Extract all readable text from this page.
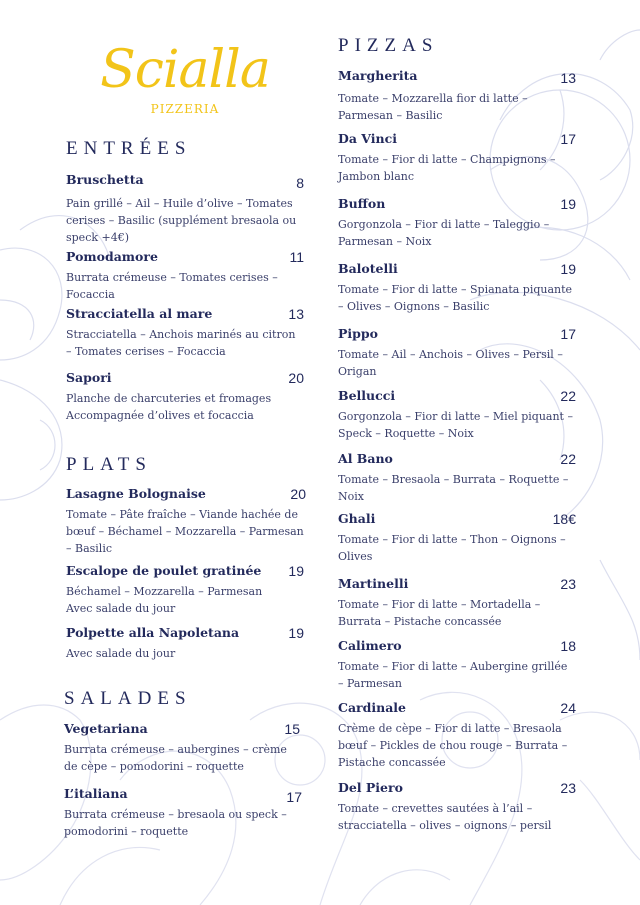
Scialla
PIZZERIA
ENTRÉES
Bruschetta	8
Pain grillé – Ail – Huile d’olive – Tomates cerises – Basilic (supplément bresaola ou speck +4€)
Pomodamore	11
Burrata crémeuse – Tomates cerises – Focaccia
Stracciatella al mare	13
Stracciatella – Anchois marinés au citron – Tomates cerises – Focaccia
Sapori	20
Planche de charcuteries et fromages
Accompagnée d’olives et focaccia
PLATS
Lasagne Bolognaise	20
Tomate – Pâte fraîche – Viande hachée de bœuf – Béchamel – Mozzarella – Parmesan – Basilic
Escalope de poulet gratinée 19
Béchamel – Mozzarella – Parmesan
Avec salade du jour
Polpette alla Napoletana	19
Avec salade du jour
SALADES
Vegetariana	15
Burrata crémeuse – aubergines – crème de cèpe – pomodorini – roquette
L’italiana	17
Burrata crémeuse – bresaola ou speck – pomodorini – roquette
PIZZAS
Margherita	13
Tomate – Mozzarella fior di latte – Parmesan – Basilic
Da Vinci	17
Tomate – Fior di latte – Champignons – Jambon blanc
Buffon	19
Gorgonzola – Fior di latte – Taleggio – Parmesan – Noix
Balotelli	19
Tomate – Fior di latte – Spianata piquante – Olives – Oignons – Basilic
Pippo	17
Tomate – Ail – Anchois – Olives – Persil – Origan
Bellucci	22
Gorgonzola – Fior di latte – Miel piquant – Speck – Roquette – Noix
Al Bano	22
Tomate – Bresaola – Burrata – Roquette – Noix
Ghali	18€
Tomate – Fior di latte – Thon – Oignons – Olives
Martinelli	23
Tomate – Fior di latte – Mortadella – Burrata – Pistache concassée
Calimero	18
Tomate – Fior di latte – Aubergine grillée – Parmesan
Cardinale	24
Crème de cèpe – Fior di latte – Bresaola bœuf – Pickles de chou rouge – Burrata – Pistache concassée
Del Piero	23
Tomate – crevettes sautées à l’ail – stracciatella – olives – oignons – persil
